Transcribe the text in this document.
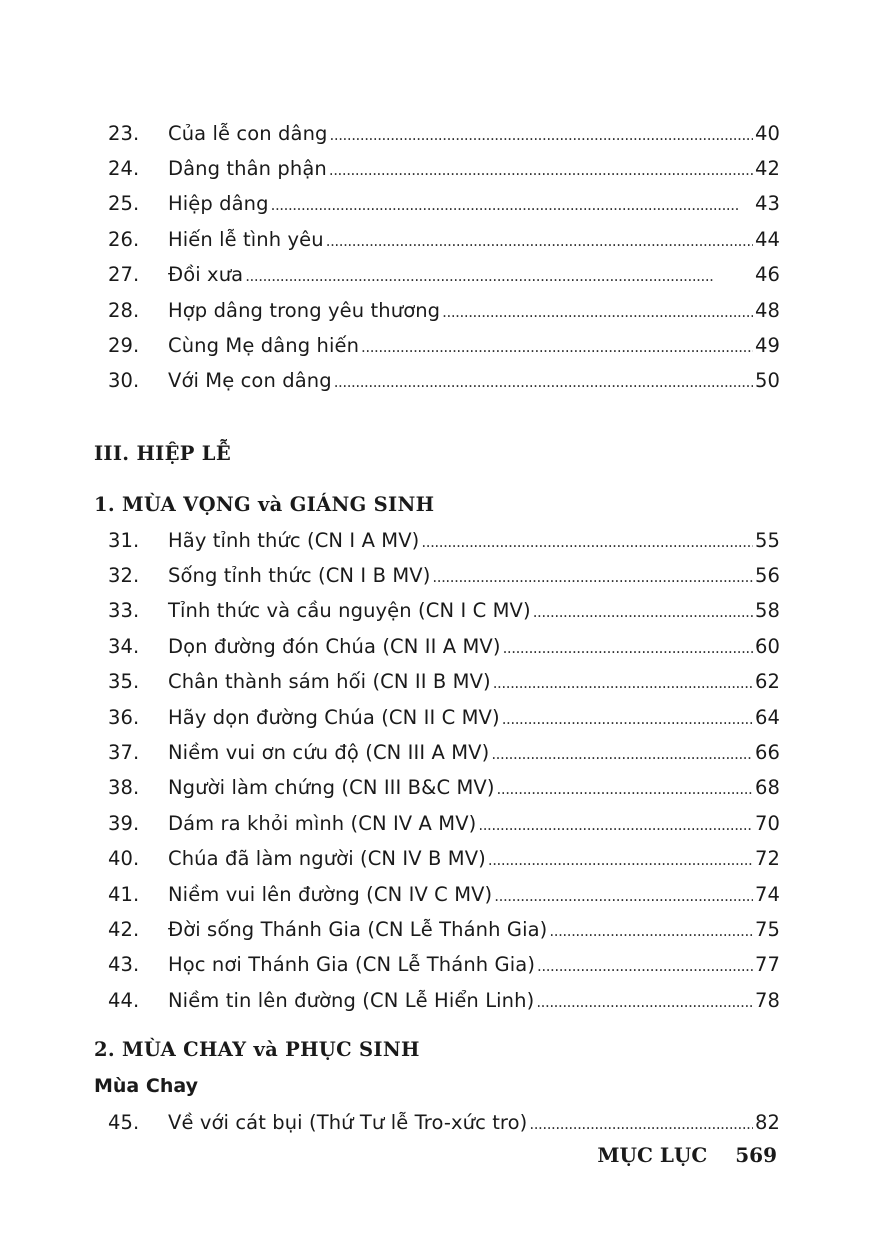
23.	Của lễ con dâng . . .	40
24.	Dâng thân phận . . .	42
25.	Hiệp dâng . . .	43
26.	Hiến lễ tình yêu . . .	44
27.	Đồi xưa . . .	46
28.	Hợp dâng trong yêu thương . . .	48
29.	Cùng Mẹ dâng hiến . . .	49
30.	Với Mẹ con dâng . . .	50
III. HIỆP LỄ
1. MÙA VỌNG và GIÁNG SINH
31.	Hãy tỉnh thức (CN I A MV) . . .	55
32.	Sống tỉnh thức (CN I B MV) . . .	56
33.	Tỉnh thức và cầu nguyện (CN I C MV) . . .	58
34.	Dọn đường đón Chúa (CN II A MV) . . .	60
35.	Chân thành sám hối (CN II B MV) . . .	62
36.	Hãy dọn đường Chúa (CN II C MV) . . .	64
37.	Niềm vui ơn cứu độ (CN III A MV) . . .	66
38.	Người làm chứng (CN III B&C MV) . . .	68
39.	Dám ra khỏi mình (CN IV A MV) . . .	70
40.	Chúa đã làm người (CN IV B MV) . . .	72
41.	Niềm vui lên đường (CN IV C MV) . . .	74
42.	Đời sống Thánh Gia (CN Lễ Thánh Gia) . . .	75
43.	Học nơi Thánh Gia (CN Lễ Thánh Gia) . . .	77
44.	Niềm tin lên đường (CN Lễ Hiển Linh) . . .	78
2. MÙA CHAY và PHỤC SINH
Mùa Chay
45.	Về với cát bụi (Thứ Tư lễ Tro-xức tro) . . .	82
MỤC LỤC 569
